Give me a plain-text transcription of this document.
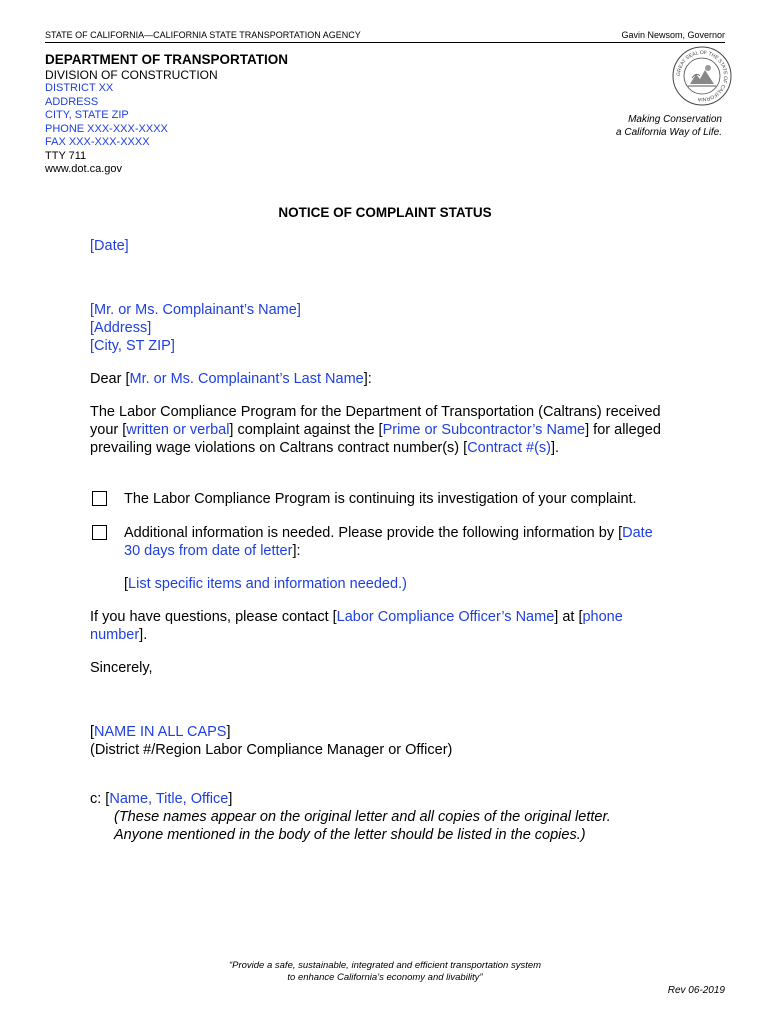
STATE OF CALIFORNIA—CALIFORNIA STATE TRANSPORTATION AGENCY	Gavin Newsom, Governor
DEPARTMENT OF TRANSPORTATION
DIVISION OF CONSTRUCTION
DISTRICT XX
ADDRESS
CITY, STATE ZIP
PHONE XXX-XXX-XXXX
FAX XXX-XXX-XXXX
TTY 711
www.dot.ca.gov
GREAT SEAL OF THE STATE OF CALIFORNIA
Making Conservation
a California Way of Life.
NOTICE OF COMPLAINT STATUS
[Date]
[Mr. or Ms. Complainant’s Name]
[Address]
[City, ST ZIP]
Dear [Mr. or Ms. Complainant’s Last Name]:
The Labor Compliance Program for the Department of Transportation (Caltrans) received your [written or verbal] complaint against the [Prime or Subcontractor’s Name] for alleged prevailing wage violations on Caltrans contract number(s) [Contract #(s)].
The Labor Compliance Program is continuing its investigation of your complaint.
Additional information is needed. Please provide the following information by [Date 30 days from date of letter]:
[List specific items and information needed.)
If you have questions, please contact [Labor Compliance Officer’s Name] at [phone number].
Sincerely,
[NAME IN ALL CAPS]
(District #/Region Labor Compliance Manager or Officer)
c: [Name, Title, Office]
(These names appear on the original letter and all copies of the original letter.
Anyone mentioned in the body of the letter should be listed in the copies.)
“Provide a safe, sustainable, integrated and efficient transportation system
to enhance California’s economy and livability”
Rev 06-2019
